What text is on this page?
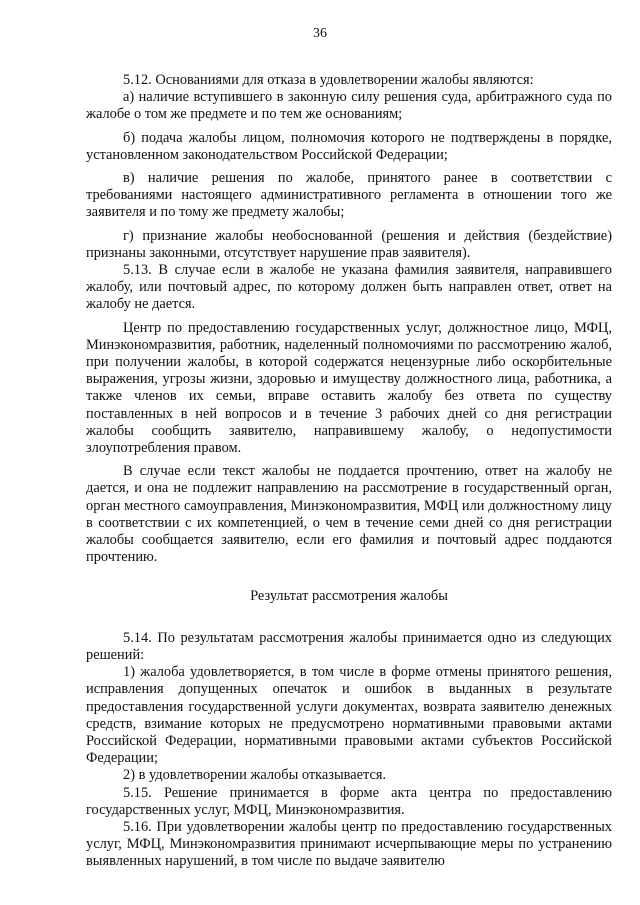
36

5.12. Основаниями для отказа в удовлетворении жалобы являются:

а) наличие вступившего в законную силу решения суда, арбитражного суда по жалобе о том же предмете и по тем же основаниям;

б) подача жалобы лицом, полномочия которого не подтверждены в порядке, установленном законодательством Российской Федерации;

в) наличие решения по жалобе, принятого ранее в соответствии с требованиями настоящего административного регламента в отношении того же заявителя и по тому же предмету жалобы;

г) признание жалобы необоснованной (решения и действия (бездействие) признаны законными, отсутствует нарушение прав заявителя).

5.13. В случае если в жалобе не указана фамилия заявителя, направившего жалобу, или почтовый адрес, по которому должен быть направлен ответ, ответ на жалобу не дается.

Центр по предоставлению государственных услуг, должностное лицо, МФЦ, Минэкономразвития, работник, наделенный полномочиями по рассмотрению жалоб, при получении жалобы, в которой содержатся нецензурные либо оскорбительные выражения, угрозы жизни, здоровью и имуществу должностного лица, работника, а также членов их семьи, вправе оставить жалобу без ответа по существу поставленных в ней вопросов и в течение 3 рабочих дней со дня регистрации жалобы сообщить заявителю, направившему жалобу, о недопустимости злоупотребления правом.

В случае если текст жалобы не поддается прочтению, ответ на жалобу не дается, и она не подлежит направлению на рассмотрение в государственный орган, орган местного самоуправления, Минэкономразвития, МФЦ или должностному лицу в соответствии с их компетенцией, о чем в течение семи дней со дня регистрации жалобы сообщается заявителю, если его фамилия и почтовый адрес поддаются прочтению.

Результат рассмотрения жалобы

5.14. По результатам рассмотрения жалобы принимается одно из следующих решений:

1) жалоба удовлетворяется, в том числе в форме отмены принятого решения, исправления допущенных опечаток и ошибок в выданных в результате предоставления государственной услуги документах, возврата заявителю денежных средств, взимание которых не предусмотрено нормативными правовыми актами Российской Федерации, нормативными правовыми актами субъектов Российской Федерации;

2) в удовлетворении жалобы отказывается.

5.15. Решение принимается в форме акта центра по предоставлению государственных услуг, МФЦ, Минэкономразвития.

5.16. При удовлетворении жалобы центр по предоставлению государственных услуг, МФЦ, Минэкономразвития принимают исчерпывающие меры по устранению выявленных нарушений, в том числе по выдаче заявителю
